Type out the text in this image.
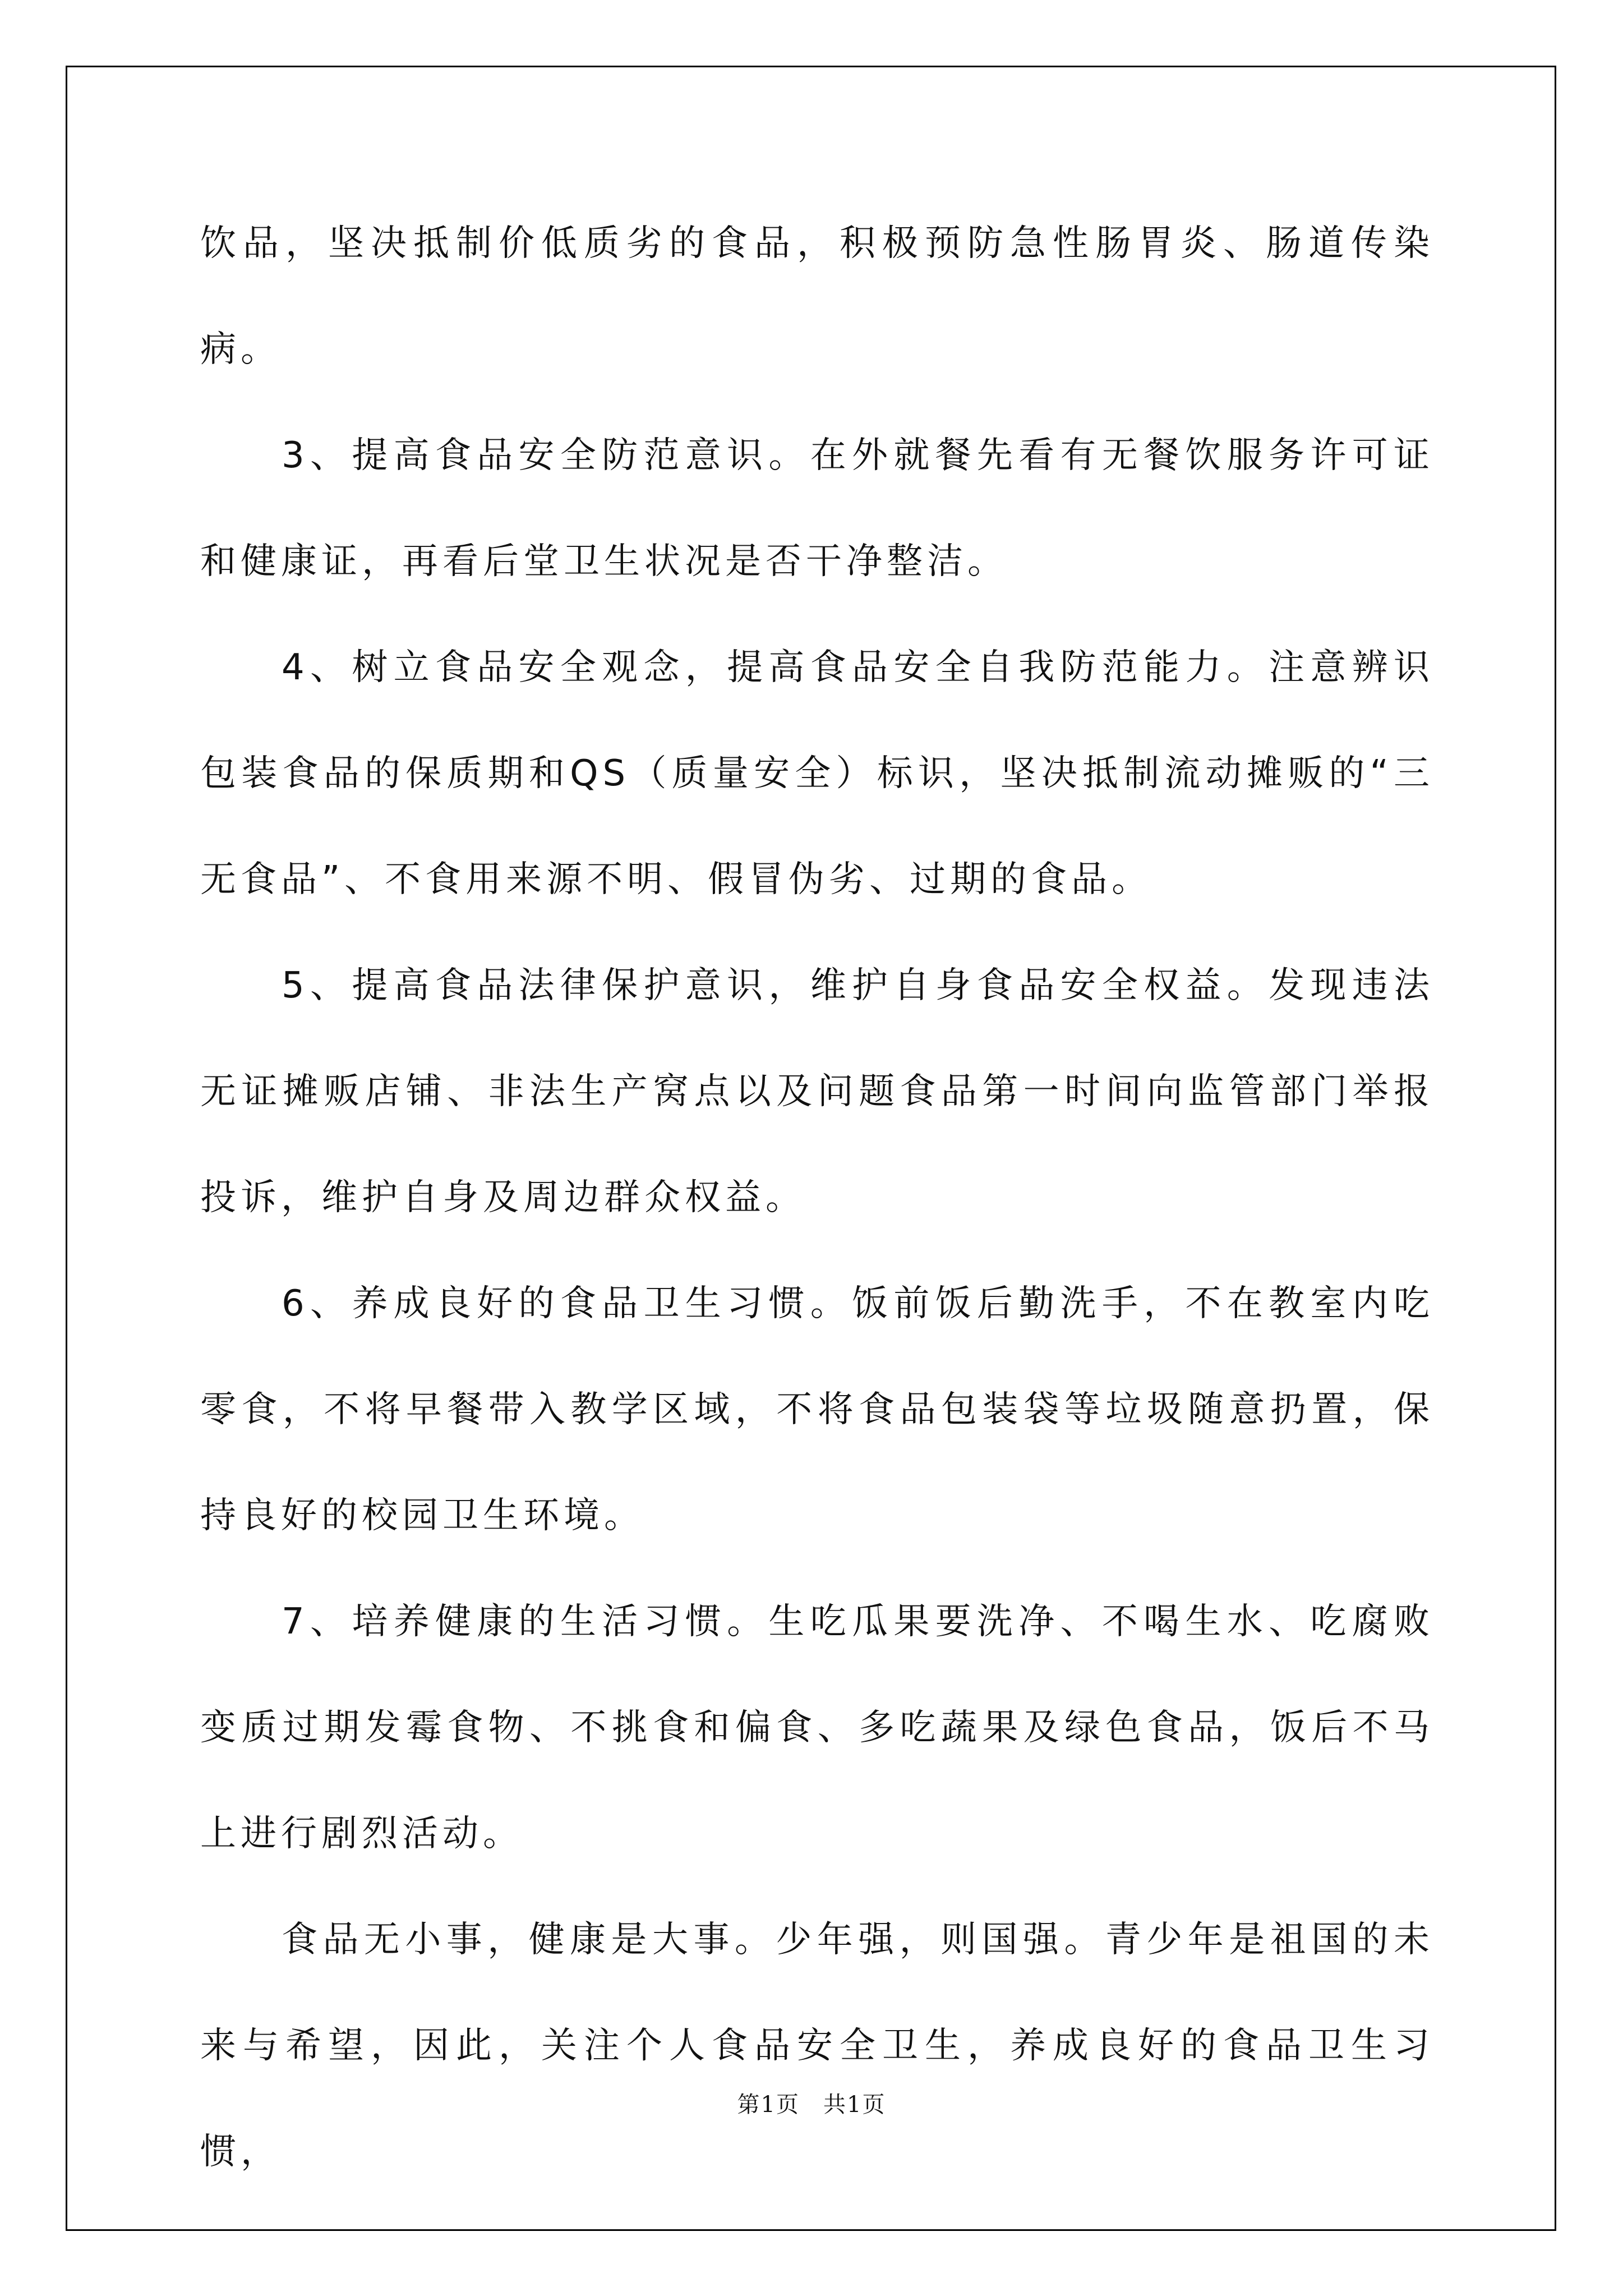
饮品，坚决抵制价低质劣的食品，积极预防急性肠胃炎、肠道传染病。

3、提高食品安全防范意识。在外就餐先看有无餐饮服务许可证和健康证，再看后堂卫生状况是否干净整洁。

4、树立食品安全观念，提高食品安全自我防范能力。注意辨识包装食品的保质期和QS（质量安全）标识，坚决抵制流动摊贩的“三无食品”、不食用来源不明、假冒伪劣、过期的食品。

5、提高食品法律保护意识，维护自身食品安全权益。发现违法无证摊贩店铺、非法生产窝点以及问题食品第一时间向监管部门举报投诉，维护自身及周边群众权益。

6、养成良好的食品卫生习惯。饭前饭后勤洗手，不在教室内吃零食，不将早餐带入教学区域，不将食品包装袋等垃圾随意扔置，保持良好的校园卫生环境。

7、培养健康的生活习惯。生吃瓜果要洗净、不喝生水、吃腐败变质过期发霉食物、不挑食和偏食、多吃蔬果及绿色食品，饭后不马上进行剧烈活动。

食品无小事，健康是大事。少年强，则国强。青少年是祖国的未来与希望，因此，关注个人食品安全卫生，养成良好的食品卫生习惯，

第1页　共1页
